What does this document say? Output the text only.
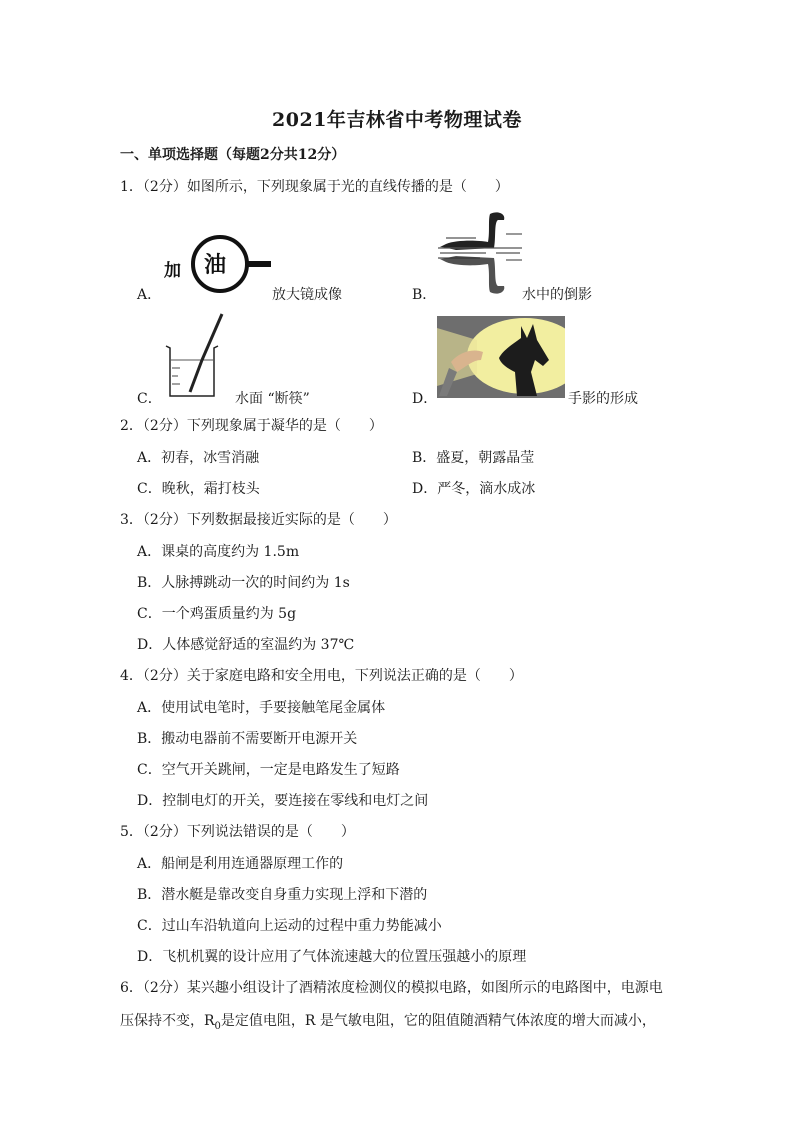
2021年吉林省中考物理试卷
一、单项选择题（每题2分共12分）
1．（2分）如图所示，下列现象属于光的直线传播的是（　　）
A．
加 油
放大镜成像	B．	水中的倒影
C．	水面 “断筷”	D．	手影的形成
2．（2分）下列现象属于凝华的是（　　）
A．初春，冰雪消融	B．盛夏，朝露晶莹
C．晚秋，霜打枝头	D．严冬，滴水成冰
3．（2分）下列数据最接近实际的是（　　）
A．课桌的高度约为 1.5m
B．人脉搏跳动一次的时间约为 1s
C．一个鸡蛋质量约为 5g
D．人体感觉舒适的室温约为 37℃
4．（2分）关于家庭电路和安全用电，下列说法正确的是（　　）
A．使用试电笔时，手要接触笔尾金属体
B．搬动电器前不需要断开电源开关
C．空气开关跳闸，一定是电路发生了短路
D．控制电灯的开关，要连接在零线和电灯之间
5．（2分）下列说法错误的是（　　）
A．船闸是利用连通器原理工作的
B．潜水艇是靠改变自身重力实现上浮和下潜的
C．过山车沿轨道向上运动的过程中重力势能减小
D．飞机机翼的设计应用了气体流速越大的位置压强越小的原理
6．（2分）某兴趣小组设计了酒精浓度检测仪的模拟电路，如图所示的电路图中，电源电
压保持不变，$R_0$是定值电阻，R 是气敏电阻，它的阻值随酒精气体浓度的增大而减小，
